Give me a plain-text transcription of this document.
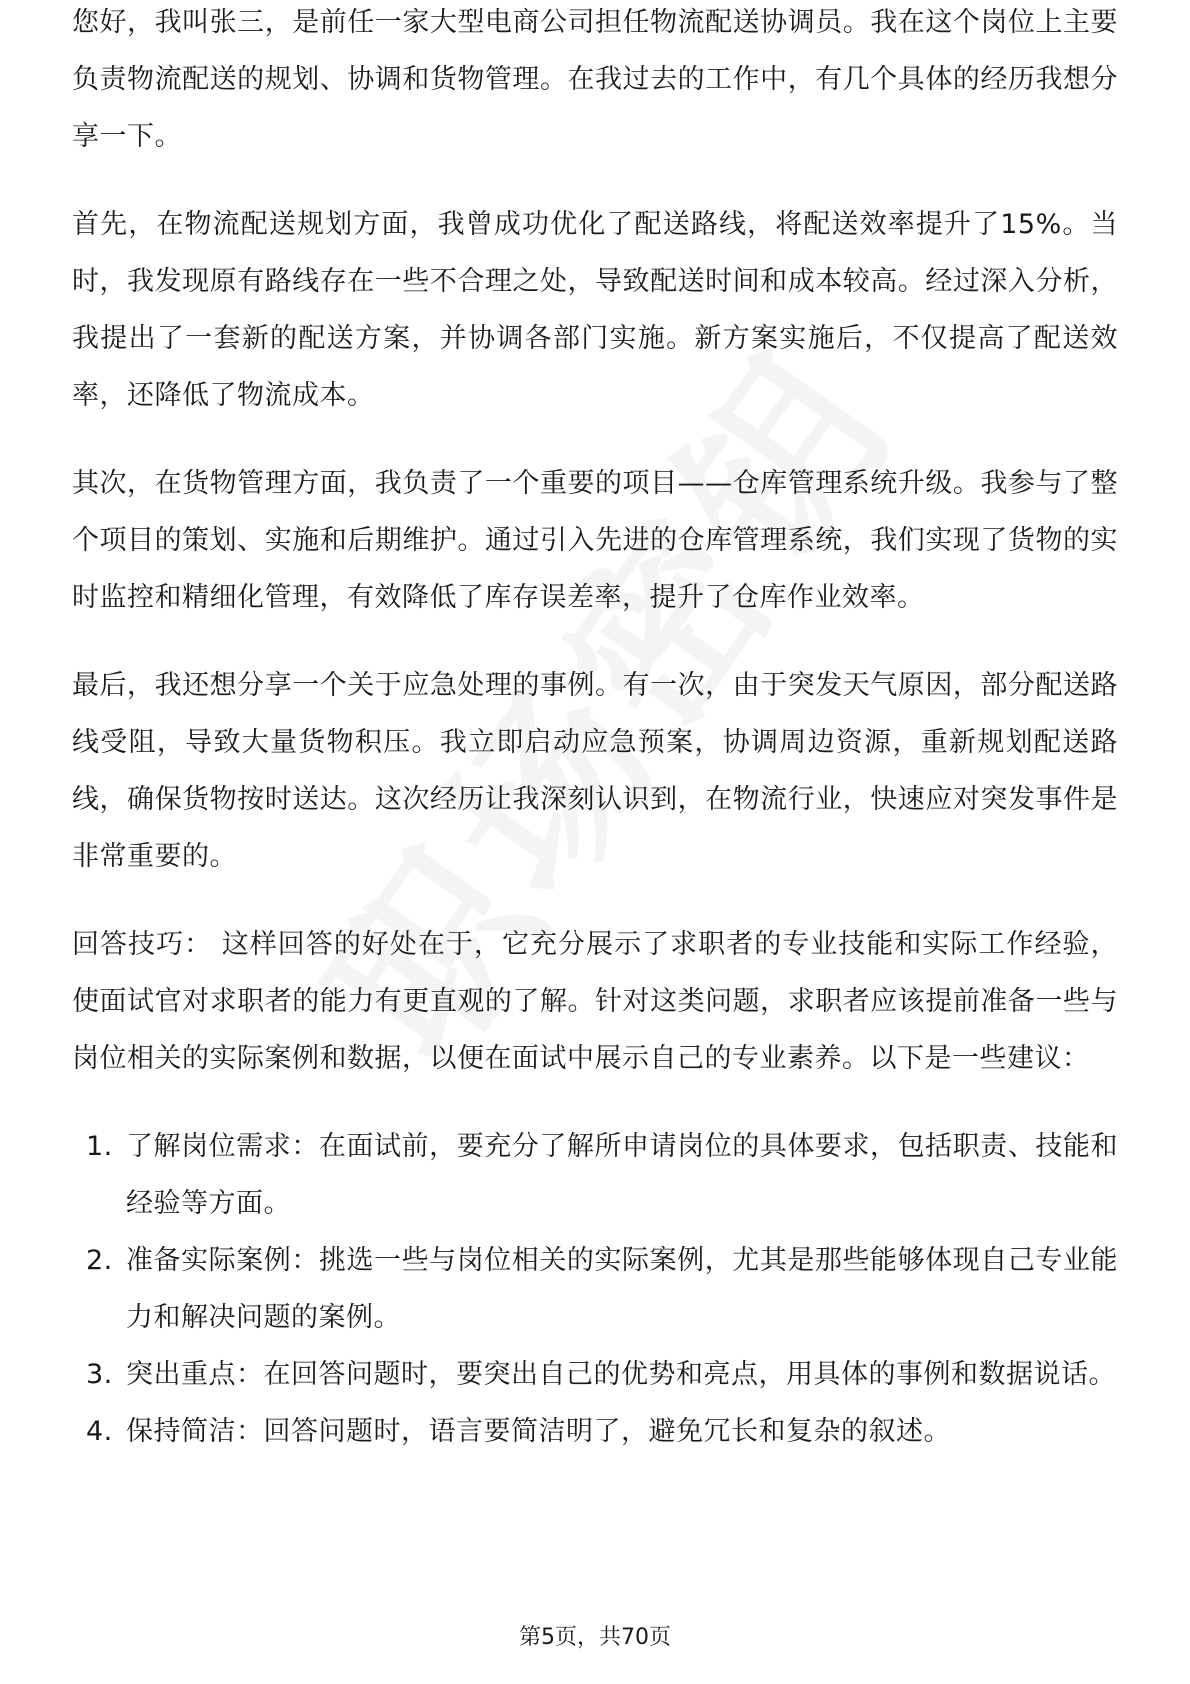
您好，我叫张三，是前任一家大型电商公司担任物流配送协调员。我在这个岗位上主要负责物流配送的规划、协调和货物管理。在我过去的工作中，有几个具体的经历我想分享一下。

首先，在物流配送规划方面，我曾成功优化了配送路线，将配送效率提升了15%。当时，我发现原有路线存在一些不合理之处，导致配送时间和成本较高。经过深入分析，我提出了一套新的配送方案，并协调各部门实施。新方案实施后，不仅提高了配送效率，还降低了物流成本。

其次，在货物管理方面，我负责了一个重要的项目——仓库管理系统升级。我参与了整个项目的策划、实施和后期维护。通过引入先进的仓库管理系统，我们实现了货物的实时监控和精细化管理，有效降低了库存误差率，提升了仓库作业效率。

最后，我还想分享一个关于应急处理的事例。有一次，由于突发天气原因，部分配送路线受阻，导致大量货物积压。我立即启动应急预案，协调周边资源，重新规划配送路线，确保货物按时送达。这次经历让我深刻认识到，在物流行业，快速应对突发事件是非常重要的。

回答技巧： 这样回答的好处在于，它充分展示了求职者的专业技能和实际工作经验，使面试官对求职者的能力有更直观的了解。针对这类问题，求职者应该提前准备一些与岗位相关的实际案例和数据，以便在面试中展示自己的专业素养。以下是一些建议：

1. 了解岗位需求 ： 在面试前，要充分了解所申请岗位的具体要求，包括职责、技能和经验等方面。
2. 准备实际案例 ： 挑选一些与岗位相关的实际案例，尤其是那些能够体现自己专业能力和解决问题的案例。
3. 突出重点 ： 在回答问题时，要突出自己的优势和亮点，用具体的事例和数据说话。
4. 保持简洁 ： 回答问题时，语言要简洁明了，避免冗长和复杂的叙述。
第5页，共70页
